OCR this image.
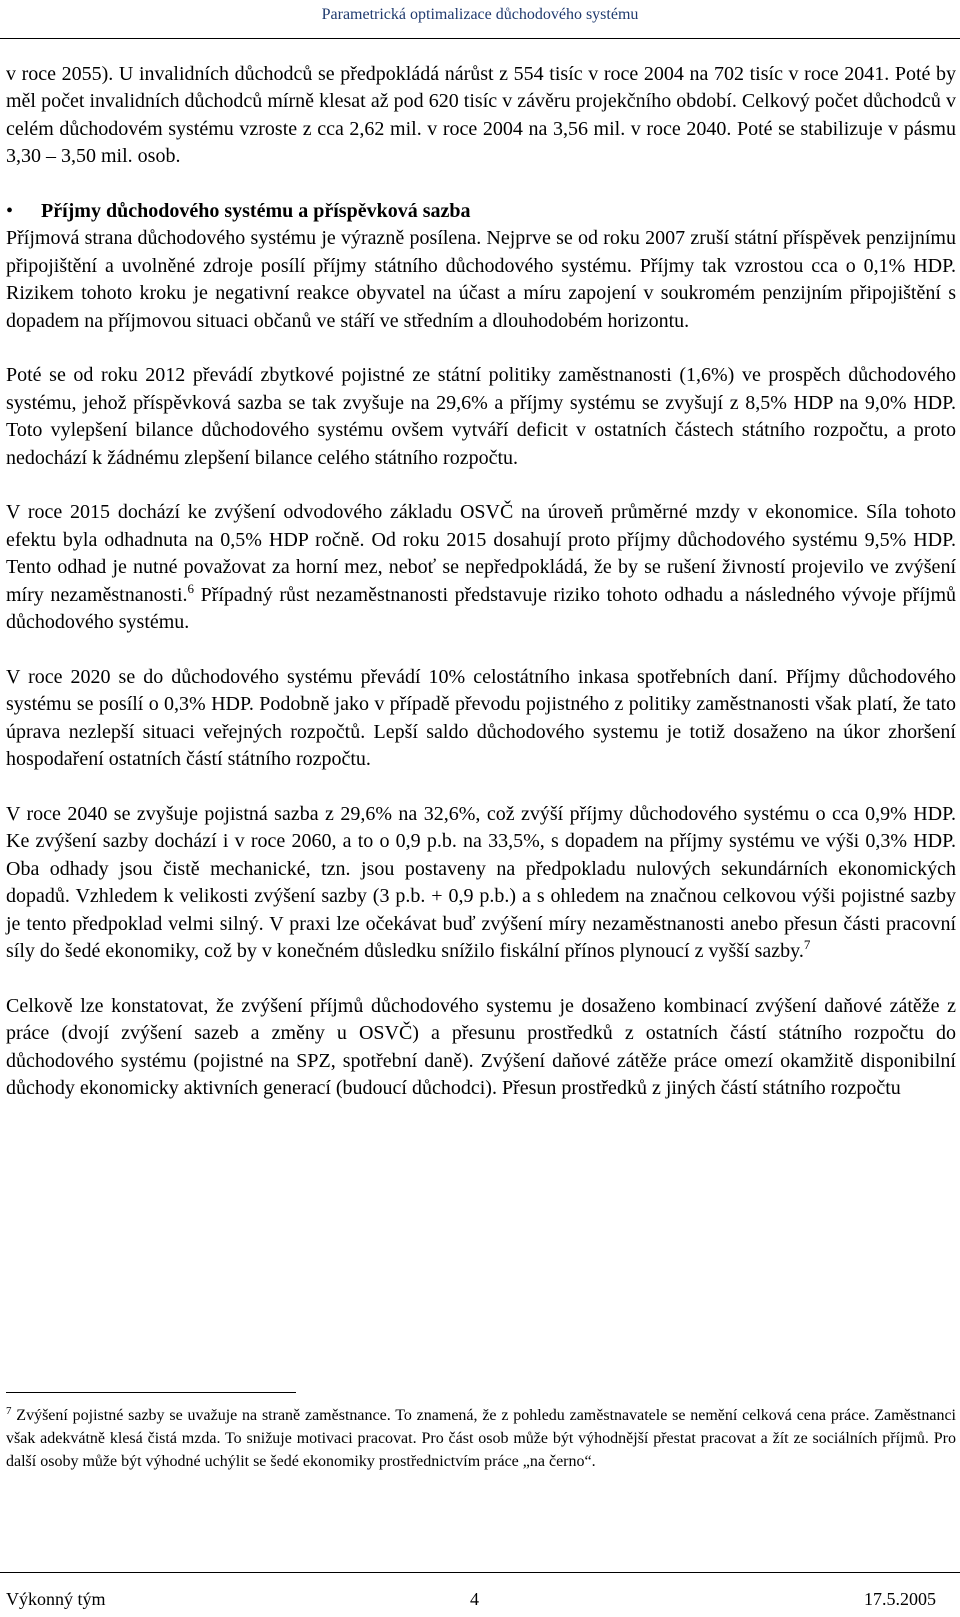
Parametrická optimalizace důchodového systému

v roce 2055). U invalidních důchodců se předpokládá nárůst z 554 tisíc v roce 2004 na 702 tisíc v roce 2041. Poté by měl počet invalidních důchodců mírně klesat až pod 620 tisíc v závěru projekčního období. Celkový počet důchodců v celém důchodovém systému vzroste z cca 2,62 mil. v roce 2004 na 3,56 mil. v roce 2040. Poté se stabilizuje v pásmu 3,30 – 3,50 mil. osob.

• Příjmy důchodového systému a příspěvková sazba

Příjmová strana důchodového systému je výrazně posílena. Nejprve se od roku 2007 zruší státní příspěvek penzijnímu připojištění a uvolněné zdroje posílí příjmy státního důchodového systému. Příjmy tak vzrostou cca o 0,1% HDP. Rizikem tohoto kroku je negativní reakce obyvatel na účast a míru zapojení v soukromém penzijním připojištění s dopadem na příjmovou situaci občanů ve stáří ve středním a dlouhodobém horizontu.

Poté se od roku 2012 převádí zbytkové pojistné ze státní politiky zaměstnanosti (1,6%) ve prospěch důchodového systému, jehož příspěvková sazba se tak zvyšuje na 29,6% a příjmy systému se zvyšují z 8,5% HDP na 9,0% HDP. Toto vylepšení bilance důchodového systému ovšem vytváří deficit v ostatních částech státního rozpočtu, a proto nedochází k žádnému zlepšení bilance celého státního rozpočtu.

V roce 2015 dochází ke zvýšení odvodového základu OSVČ na úroveň průměrné mzdy v ekonomice. Síla tohoto efektu byla odhadnuta na 0,5% HDP ročně. Od roku 2015 dosahují proto příjmy důchodového systému 9,5% HDP. Tento odhad je nutné považovat za horní mez, neboť se nepředpokládá, že by se rušení živností projevilo ve zvýšení míry nezaměstnanosti.$^6$ Případný růst nezaměstnanosti představuje riziko tohoto odhadu a následného vývoje příjmů důchodového systému.

V roce 2020 se do důchodového systému převádí 10% celostátního inkasa spotřebních daní. Příjmy důchodového systému se posílí o 0,3% HDP. Podobně jako v případě převodu pojistného z politiky zaměstnanosti však platí, že tato úprava nezlepší situaci veřejných rozpočtů. Lepší saldo důchodového systemu je totiž dosaženo na úkor zhoršení hospodaření ostatních částí státního rozpočtu.

V roce 2040 se zvyšuje pojistná sazba z 29,6% na 32,6%, což zvýší příjmy důchodového systému o cca 0,9% HDP. Ke zvýšení sazby dochází i v roce 2060, a to o 0,9 p.b. na 33,5%, s dopadem na příjmy systému ve výši 0,3% HDP. Oba odhady jsou čistě mechanické, tzn. jsou postaveny na předpokladu nulových sekundárních ekonomických dopadů. Vzhledem k velikosti zvýšení sazby (3 p.b. + 0,9 p.b.) a s ohledem na značnou celkovou výši pojistné sazby je tento předpoklad velmi silný. V praxi lze očekávat buď zvýšení míry nezaměstnanosti anebo přesun části pracovní síly do šedé ekonomiky, což by v konečném důsledku snížilo fiskální přínos plynoucí z vyšší sazby.$^7$

Celkově lze konstatovat, že zvýšení příjmů důchodového systemu je dosaženo kombinací zvýšení daňové zátěže z práce (dvojí zvýšení sazeb a změny u OSVČ) a přesunu prostředků z ostatních částí státního rozpočtu do důchodového systému (pojistné na SPZ, spotřební daně). Zvýšení daňové zátěže práce omezí okamžitě disponibilní důchody ekonomicky aktivních generací (budoucí důchodci). Přesun prostředků z jiných částí státního rozpočtu

$^7$ Zvýšení pojistné sazby se uvažuje na straně zaměstnance. To znamená, že z pohledu zaměstnavatele se nemění celková cena práce. Zaměstnanci však adekvátně klesá čistá mzda. To snižuje motivaci pracovat. Pro část osob může být výhodnější přestat pracovat a žít ze sociálních příjmů. Pro další osoby může být výhodné uchýlit se šedé ekonomiky prostřednictvím práce „na černo“.
Výkonný tým	4	17.5.2005
